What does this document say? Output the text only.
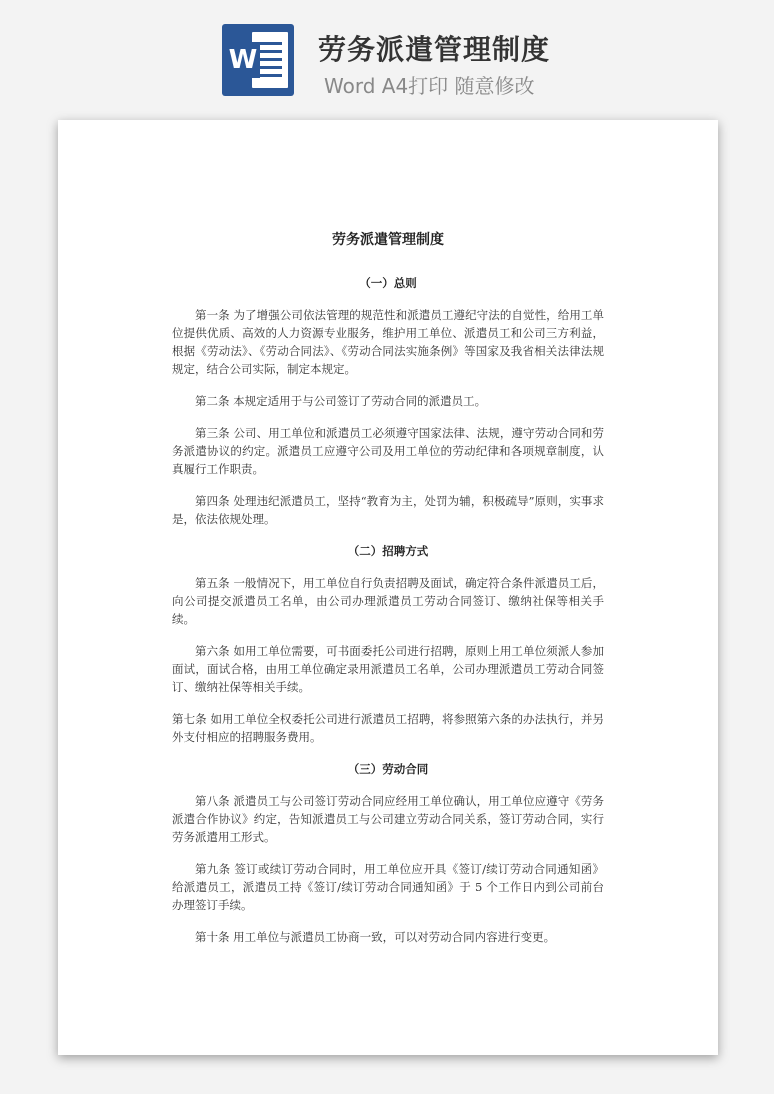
W 劳务派遣管理制度
Word A4打印 随意修改
劳务派遣管理制度
（一）总则

第一条 为了增强公司依法管理的规范性和派遣员工遵纪守法的自觉性，给用工单位提供优质、高效的人力资源专业服务，维护用工单位、派遣员工和公司三方利益，根据《劳动法》、《劳动合同法》、《劳动合同法实施条例》等国家及我省相关法律法规规定，结合公司实际，制定本规定。

第二条 本规定适用于与公司签订了劳动合同的派遣员工。

第三条 公司、用工单位和派遣员工必须遵守国家法律、法规，遵守劳动合同和劳务派遣协议的约定。派遣员工应遵守公司及用工单位的劳动纪律和各项规章制度，认真履行工作职责。

第四条 处理违纪派遣员工，坚持“教育为主，处罚为辅，积极疏导”原则，实事求是，依法依规处理。

（二）招聘方式

第五条 一般情况下，用工单位自行负责招聘及面试，确定符合条件派遣员工后，向公司提交派遣员工名单，由公司办理派遣员工劳动合同签订、缴纳社保等相关手续。

第六条 如用工单位需要，可书面委托公司进行招聘，原则上用工单位须派人参加面试，面试合格，由用工单位确定录用派遣员工名单，公司办理派遣员工劳动合同签订、缴纳社保等相关手续。

第七条 如用工单位全权委托公司进行派遣员工招聘，将参照第六条的办法执行，并另外支付相应的招聘服务费用。

（三）劳动合同

第八条 派遣员工与公司签订劳动合同应经用工单位确认，用工单位应遵守《劳务派遣合作协议》约定，告知派遣员工与公司建立劳动合同关系，签订劳动合同，实行劳务派遣用工形式。

第九条 签订或续订劳动合同时，用工单位应开具《签订/续订劳动合同通知函》给派遣员工，派遣员工持《签订/续订劳动合同通知函》于 5 个工作日内到公司前台办理签订手续。

第十条 用工单位与派遣员工协商一致，可以对劳动合同内容进行变更。
